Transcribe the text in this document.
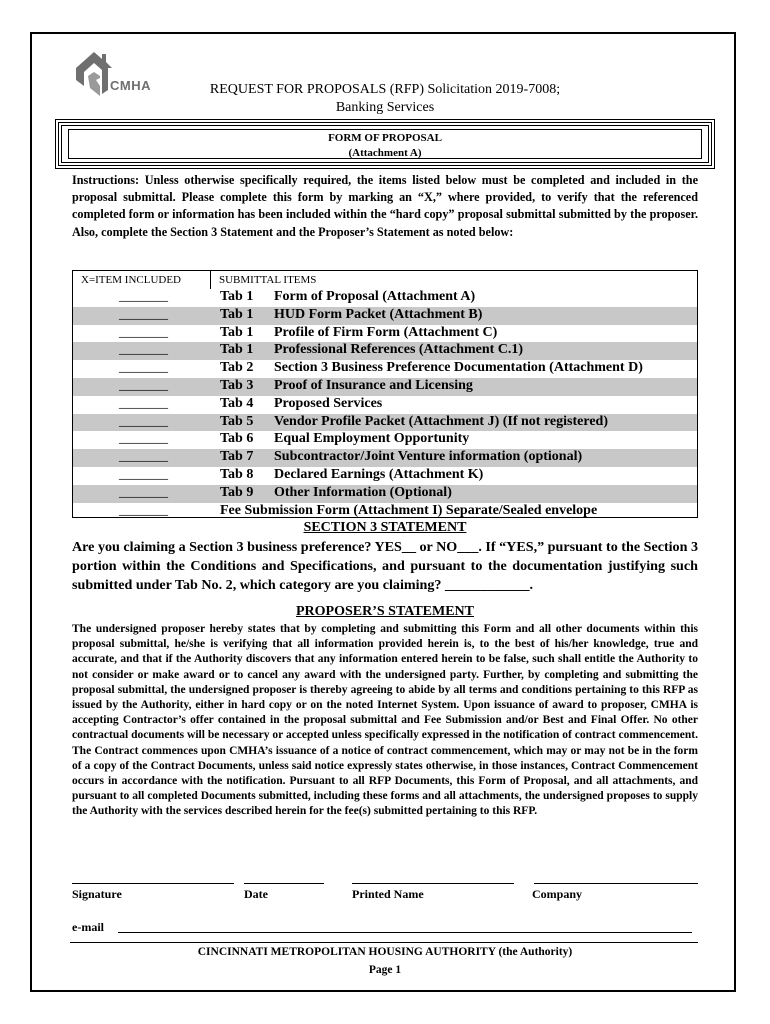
CMHA	REQUEST FOR PROPOSALS (RFP) Solicitation 2019-7008;
Banking Services
FORM OF PROPOSAL
(Attachment A)
Instructions: Unless otherwise specifically required, the items listed below must be completed and included in the proposal submittal. Please complete this form by marking an “X,” where provided, to verify that the referenced completed form or information has been included within the “hard copy” proposal submittal submitted by the proposer. Also, complete the Section 3 Statement and the Proposer’s Statement as noted below:
X=ITEM INCLUDED	SUBMITTAL ITEMS
_______	Tab 1 Form of Proposal (Attachment A)
_______	Tab 1 HUD Form Packet (Attachment B)
_______	Tab 1 Profile of Firm Form (Attachment C)
_______	Tab 1 Professional References (Attachment C.1)
_______	Tab 2 Section 3 Business Preference Documentation (Attachment D)
_______	Tab 3 Proof of Insurance and Licensing
_______	Tab 4 Proposed Services
_______	Tab 5 Vendor Profile Packet (Attachment J) (If not registered)
_______	Tab 6 Equal Employment Opportunity
_______	Tab 7 Subcontractor/Joint Venture information (optional)
_______	Tab 8 Declared Earnings (Attachment K)
_______	Tab 9 Other Information (Optional)
_______	Fee Submission Form (Attachment I) Separate/Sealed envelope
SECTION 3 STATEMENT
Are you claiming a Section 3 business preference? YES__ or NO___. If “YES,” pursuant to the Section 3 portion within the Conditions and Specifications, and pursuant to the documentation justifying such submitted under Tab No. 2, which category are you claiming? ____________.
PROPOSER’S STATEMENT
The undersigned proposer hereby states that by completing and submitting this Form and all other documents within this proposal submittal, he/she is verifying that all information provided herein is, to the best of his/her knowledge, true and accurate, and that if the Authority discovers that any information entered herein to be false, such shall entitle the Authority to not consider or make award or to cancel any award with the undersigned party. Further, by completing and submitting the proposal submittal, the undersigned proposer is thereby agreeing to abide by all terms and conditions pertaining to this RFP as issued by the Authority, either in hard copy or on the noted Internet System. Upon issuance of award to proposer, CMHA is accepting Contractor’s offer contained in the proposal submittal and Fee Submission and/or Best and Final Offer. No other contractual documents will be necessary or accepted unless specifically expressed in the notification of contract commencement. The Contract commences upon CMHA’s issuance of a notice of contract commencement, which may or may not be in the form of a copy of the Contract Documents, unless said notice expressly states otherwise, in those instances, Contract Commencement occurs in accordance with the notification. Pursuant to all RFP Documents, this Form of Proposal, and all attachments, and pursuant to all completed Documents submitted, including these forms and all attachments, the undersigned proposes to supply the Authority with the services described herein for the fee(s) submitted pertaining to this RFP.
Signature	Date	Printed Name	Company
e-mail
CINCINNATI METROPOLITAN HOUSING AUTHORITY (the Authority)
Page 1
